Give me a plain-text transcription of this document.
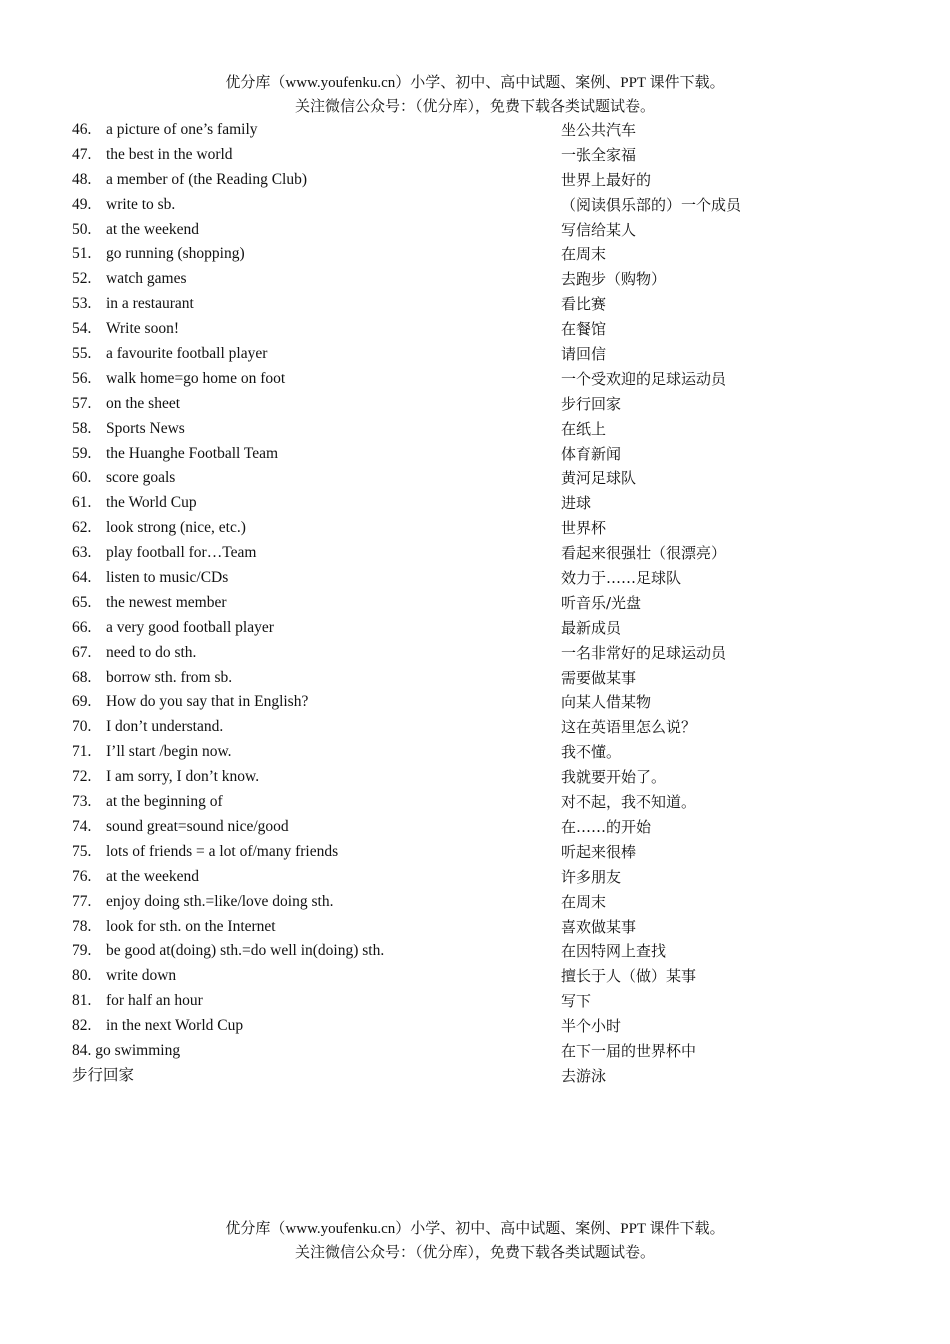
优分库（www.youfenku.cn）小学、初中、高中试题、案例、PPT 课件下载。
关注微信公众号：（优分库），免费下载各类试题试卷。
46. a picture of one’s family	坐公共汽车
47. the best in the world	一张全家福
48. a member of (the Reading Club)	世界上最好的
49. write to sb.	（阅读俱乐部的）一个成员
50. at the weekend	写信给某人
51. go running (shopping)	在周末
52. watch games	去跑步（购物）
53. in a restaurant	看比赛
54. Write soon!	在餐馆
55. a favourite football player	请回信
56. walk home=go home on foot	一个受欢迎的足球运动员
57. on the sheet	步行回家
58. Sports News	在纸上
59. the Huanghe Football Team	体育新闻
60. score goals	黄河足球队
61. the World Cup	进球
62. look strong (nice, etc.)	世界杯
63. play football for…Team	看起来很强壮（很漂亮）
64. listen to music/CDs	效力于……足球队
65. the newest member	听音乐/光盘
66. a very good football player	最新成员
67. need to do sth.	一名非常好的足球运动员
68. borrow sth. from sb.	需要做某事
69. How do you say that in English?	向某人借某物
70. I don’t understand.	这在英语里怎么说？
71. I’ll start /begin now.	我不懂。
72. I am sorry, I don’t know.	我就要开始了。
73. at the beginning of	对不起，我不知道。
74. sound great=sound nice/good	在……的开始
75. lots of friends = a lot of/many friends	听起来很棒
76. at the weekend	许多朋友
77. enjoy doing sth.=like/love doing sth.	在周末
78. look for sth. on the Internet	喜欢做某事
79. be good at(doing) sth.=do well in(doing) sth.	在因特网上查找
80. write down	擅长于人（做）某事
81. for half an hour	写下
82. in the next World Cup	半个小时
84. go swimming	在下一届的世界杯中
步行回家	去游泳
优分库（www.youfenku.cn）小学、初中、高中试题、案例、PPT 课件下载。
关注微信公众号：（优分库），免费下载各类试题试卷。
